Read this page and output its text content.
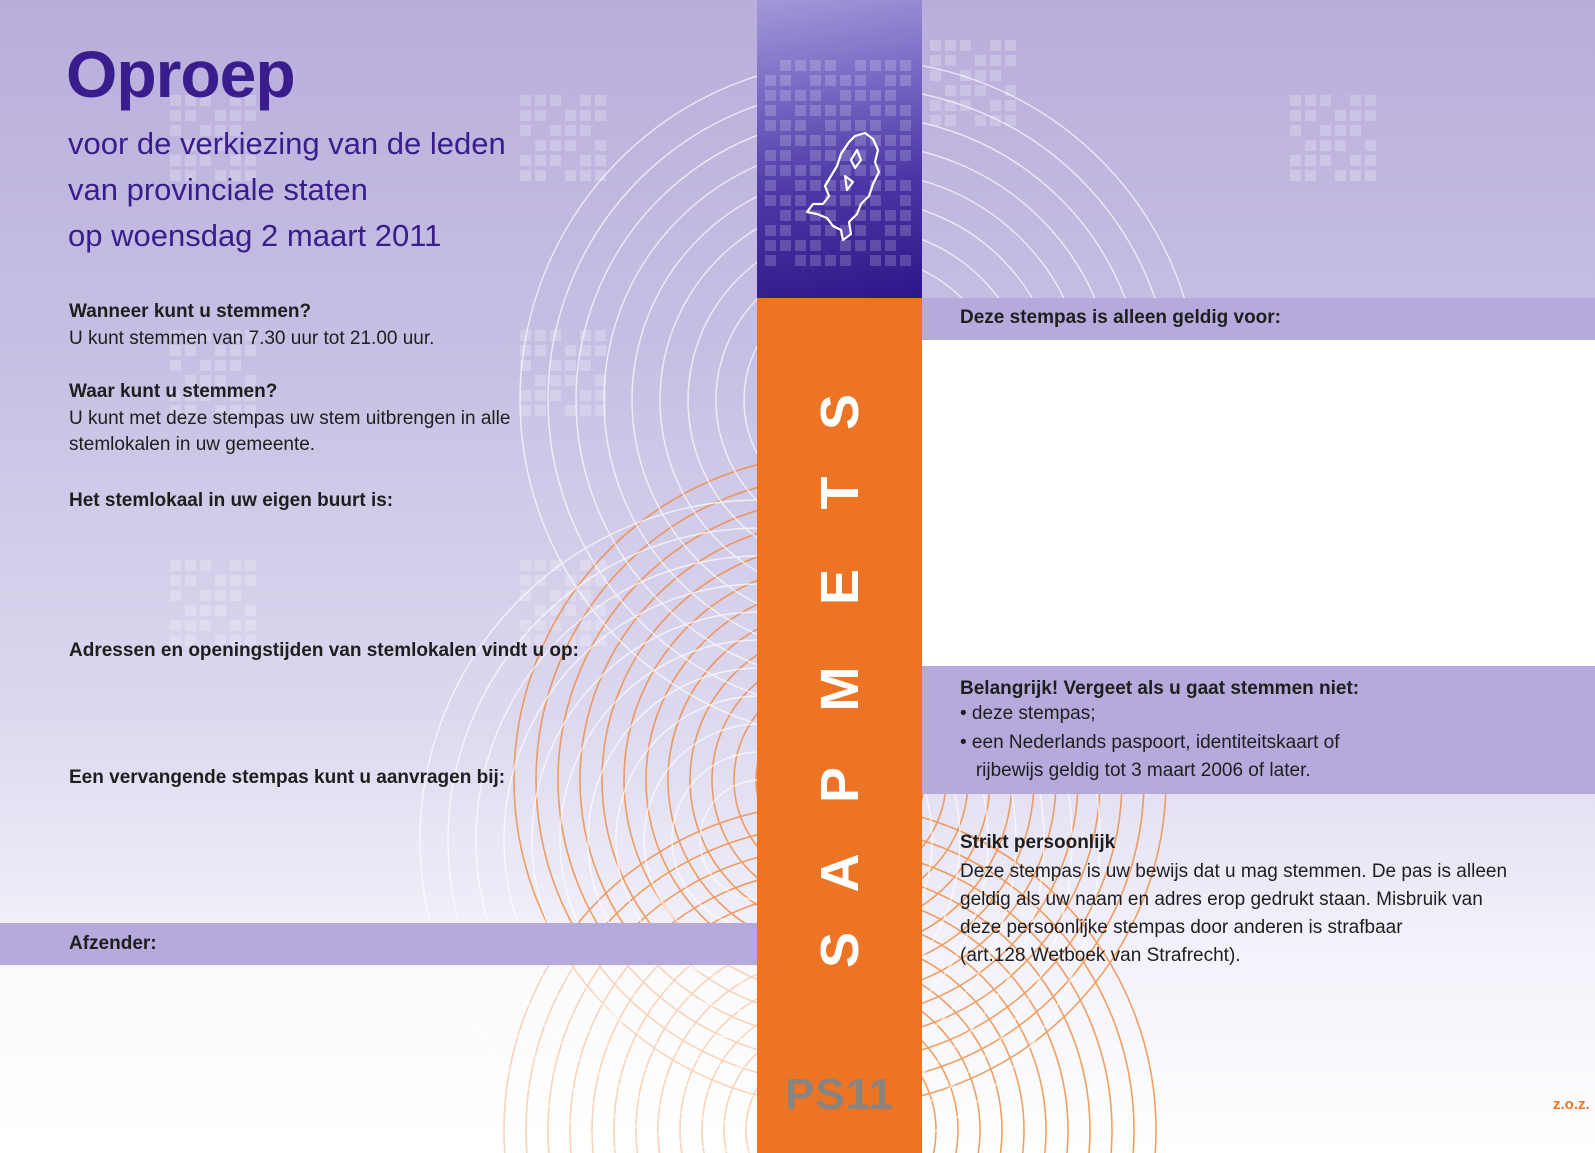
Oproep
voor de verkiezing van de leden
van provinciale staten
op woensdag 2 maart 2011
Wanneer kunt u stemmen?
U kunt stemmen van 7.30 uur tot 21.00 uur.
Waar kunt u stemmen?
U kunt met deze stempas uw stem uitbrengen in alle
stemlokalen in uw gemeente.
Het stemlokaal in uw eigen buurt is:
Adressen en openingstijden van stemlokalen vindt u op:
Een vervangende stempas kunt u aanvragen bij:
Afzender:
S
T
E
M
P
A
S
PS11
Deze stempas is alleen geldig voor:
Belangrijk! Vergeet als u gaat stemmen niet:
• deze stempas;
• een Nederlands paspoort, identiteitskaart of
rijbewijs geldig tot 3 maart 2006 of later.
Strikt persoonlijk
Deze stempas is uw bewijs dat u mag stemmen. De pas is alleen
geldig als uw naam en adres erop gedrukt staan. Misbruik van
deze persoonlijke stempas door anderen is strafbaar
(art.128 Wetboek van Strafrecht).
z.o.z.
